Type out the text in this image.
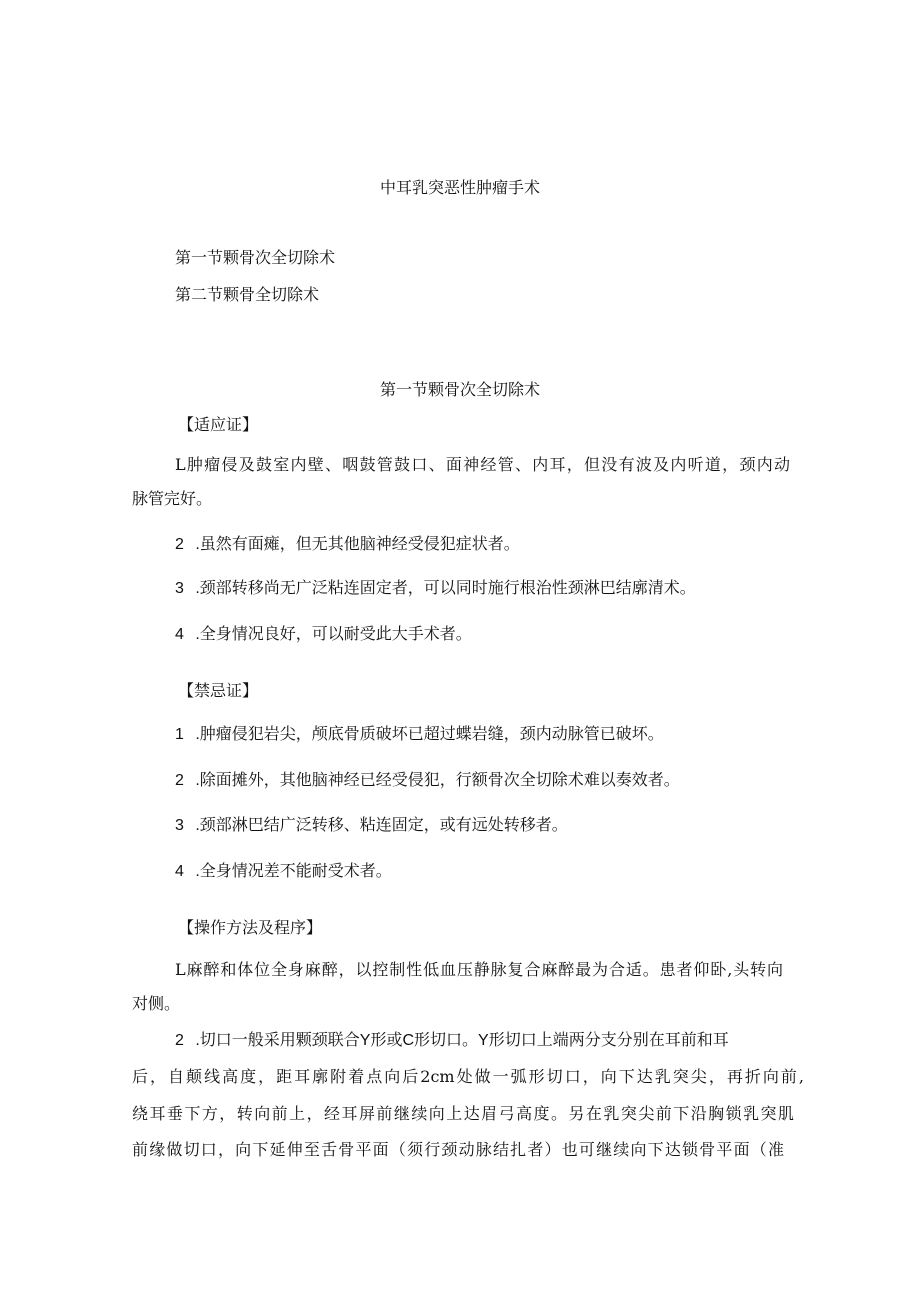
中耳乳突恶性肿瘤手术

第一节颗骨次全切除术

第二节颗骨全切除术

第一节颗骨次全切除术

【适应证】

L肿瘤侵及鼓室内壁、咽鼓管鼓口、面神经管、内耳，但没有波及内听道，颈内动

脉管完好。

2	.虽然有面瘫，但无其他脑神经受侵犯症状者。

3	.颈部转移尚无广泛粘连固定者，可以同时施行根治性颈淋巴结廓清术。

4	.全身情况良好，可以耐受此大手术者。

【禁忌证】

1	.肿瘤侵犯岩尖，颅底骨质破坏已超过蝶岩缝，颈内动脉管已破坏。

2	.除面摊外，其他脑神经已经受侵犯，行额骨次全切除术难以奏效者。

3	.颈部淋巴结广泛转移、粘连固定，或有远处转移者。

4	.全身情况差不能耐受术者。

【操作方法及程序】

L麻醉和体位全身麻醉，以控制性低血压静脉复合麻醉最为合适。患者仰卧,头转向

对侧。

2	.切口一般采用颗颈联合Y形或C形切口。Y形切口上端两分支分别在耳前和耳

后，自颠线高度，距耳廓附着点向后2cm处做一弧形切口，向下达乳突尖，再折向前,

绕耳垂下方，转向前上，经耳屏前继续向上达眉弓高度。另在乳突尖前下沿胸锁乳突肌

前缘做切口，向下延伸至舌骨平面（须行颈动脉结扎者）也可继续向下达锁骨平面（准
